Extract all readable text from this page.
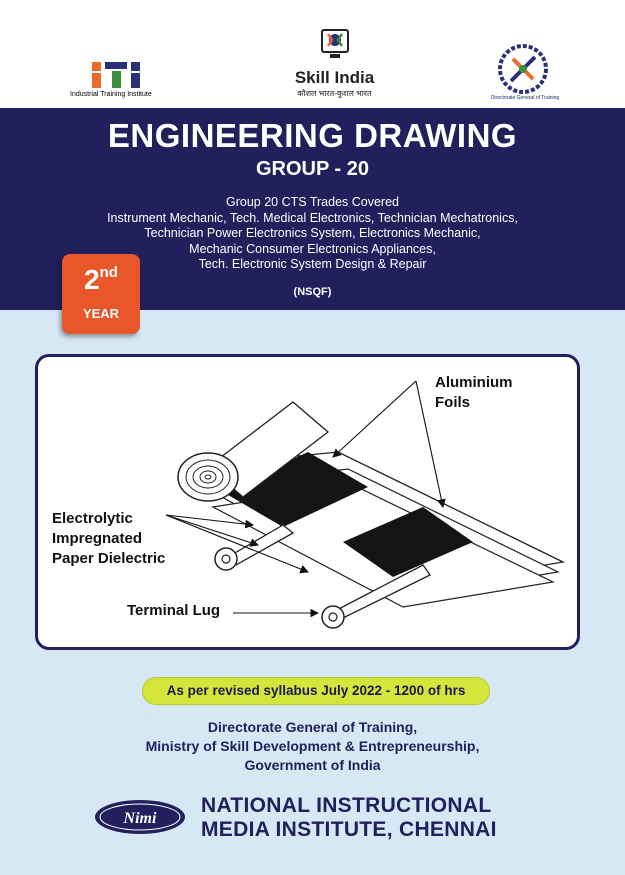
Industrial Training Institute
Skill India
कौशल भारत-कुशल भारत	Directorate General of Training
ENGINEERING DRAWING
GROUP - 20
Group 20 CTS Trades Covered
Instrument Mechanic, Tech. Medical Electronics, Technician Mechatronics,
Technician Power Electronics System, Electronics Mechanic,
Mechanic Consumer Electronics Appliances,
Tech. Electronic System Design & Repair
(NSQF)
2nd
YEAR
Aluminium
Foils
Electrolytic
Impregnated
Paper Dielectric
Terminal Lug
As per revised syllabus July 2022 - 1200 of hrs
Directorate General of Training,
Ministry of Skill Development & Entrepreneurship,
Government of India
Nimi
NATIONAL INSTRUCTIONAL
MEDIA INSTITUTE, CHENNAI
